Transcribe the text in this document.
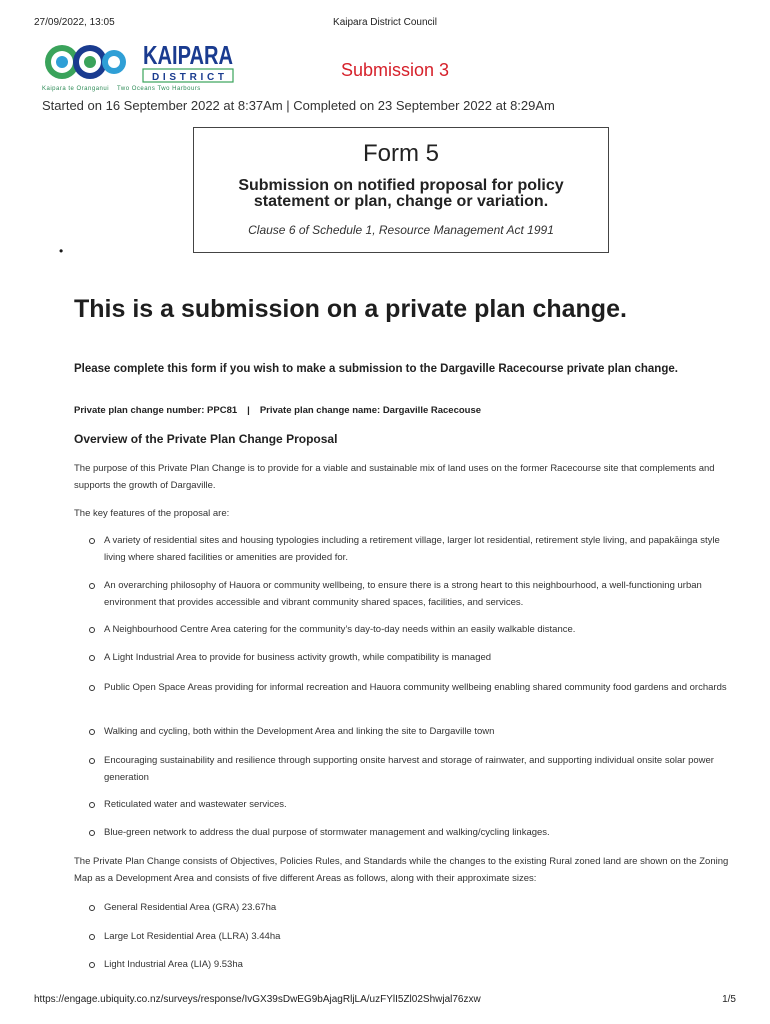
27/09/2022, 13:05	Kaipara District Council
KAIPARA
DISTRICT
Kaipara te Oranganui Two Oceans Two Harbours
Submission 3
Started on 16 September 2022 at 8:37Am | Completed on 23 September 2022 at 8:29Am
Form 5
Submission on notified proposal for policy
statement or plan, change or variation.
Clause 6 of Schedule 1, Resource Management Act 1991
•
This is a submission on a private plan change.
Please complete this form if you wish to make a submission to the Dargaville Racecourse private plan change.
Private plan change number: PPC81 | Private plan change name: Dargaville Racecouse
Overview of the Private Plan Change Proposal
The purpose of this Private Plan Change is to provide for a viable and sustainable mix of land uses on the former Racecourse site that complements and supports the growth of Dargaville.
The key features of the proposal are:
A variety of residential sites and housing typologies including a retirement village, larger lot residential, retirement style living, and papakāinga style living where shared facilities or amenities are provided for.
An overarching philosophy of Hauora or community wellbeing, to ensure there is a strong heart to this neighbourhood, a well-functioning urban environment that provides accessible and vibrant community shared spaces, facilities, and services.
A Neighbourhood Centre Area catering for the community’s day-to-day needs within an easily walkable distance.
A Light Industrial Area to provide for business activity growth, while compatibility is managed
Public Open Space Areas providing for informal recreation and Hauora community wellbeing enabling shared community food gardens and orchards
Walking and cycling, both within the Development Area and linking the site to Dargaville town
Encouraging sustainability and resilience through supporting onsite harvest and storage of rainwater, and supporting individual onsite solar power generation
Reticulated water and wastewater services.
Blue-green network to address the dual purpose of stormwater management and walking/cycling linkages.
The Private Plan Change consists of Objectives, Policies Rules, and Standards while the changes to the existing Rural zoned land are shown on the Zoning Map as a Development Area and consists of five different Areas as follows, along with their approximate sizes:
General Residential Area (GRA) 23.67ha
Large Lot Residential Area (LLRA) 3.44ha
Light Industrial Area (LIA) 9.53ha
https://engage.ubiquity.co.nz/surveys/response/IvGX39sDwEG9bAjagRljLA/uzFYlI5Zl02Shwjal76zxw	1/5
